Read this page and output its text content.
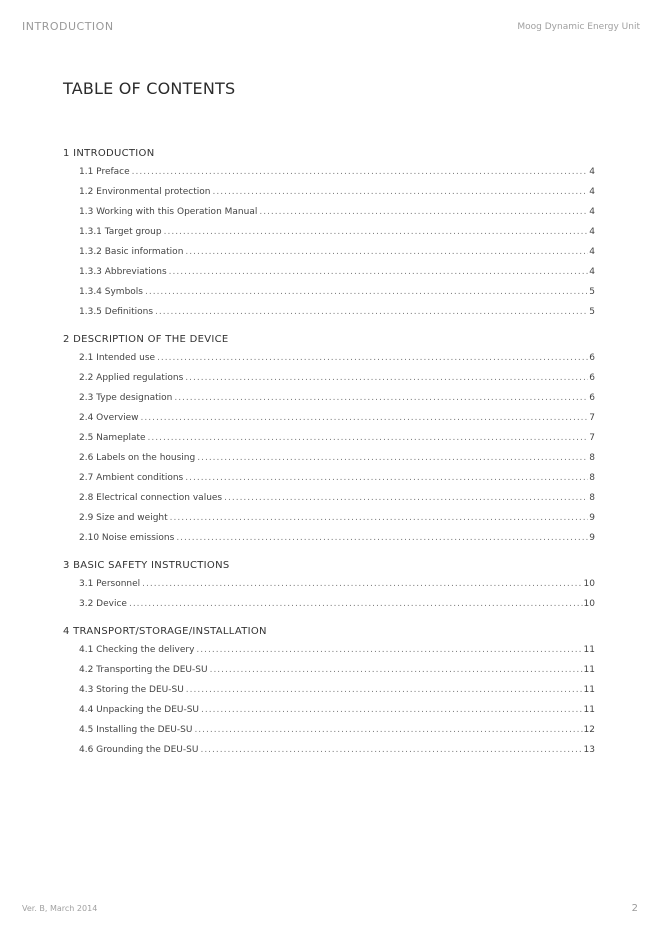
INTRODUCTION	Moog Dynamic Energy Unit
TABLE OF CONTENTS
1 INTRODUCTION
1.1 Preface .....	4
1.2 Environmental protection .....	4
1.3 Working with this Operation Manual .....	4
1.3.1 Target group .....	4
1.3.2 Basic information .....	4
1.3.3 Abbreviations .....	4
1.3.4 Symbols .....	5
1.3.5 Definitions .....	5
2 DESCRIPTION OF THE DEVICE
2.1 Intended use .....	6
2.2 Applied regulations .....	6
2.3 Type designation .....	6
2.4 Overview .....	7
2.5 Nameplate .....	7
2.6 Labels on the housing .....	8
2.7 Ambient conditions .....	8
2.8 Electrical connection values .....	8
2.9 Size and weight .....	9
2.10 Noise emissions .....	9
3 BASIC SAFETY INSTRUCTIONS
3.1 Personnel .....	10
3.2 Device .....	10
4 TRANSPORT/STORAGE/INSTALLATION
4.1 Checking the delivery .....	11
4.2 Transporting the DEU-SU .....	11
4.3 Storing the DEU-SU .....	11
4.4 Unpacking the DEU-SU .....	11
4.5 Installing the DEU-SU .....	12
4.6 Grounding the DEU-SU .....	13
Ver. B, March 2014	2
